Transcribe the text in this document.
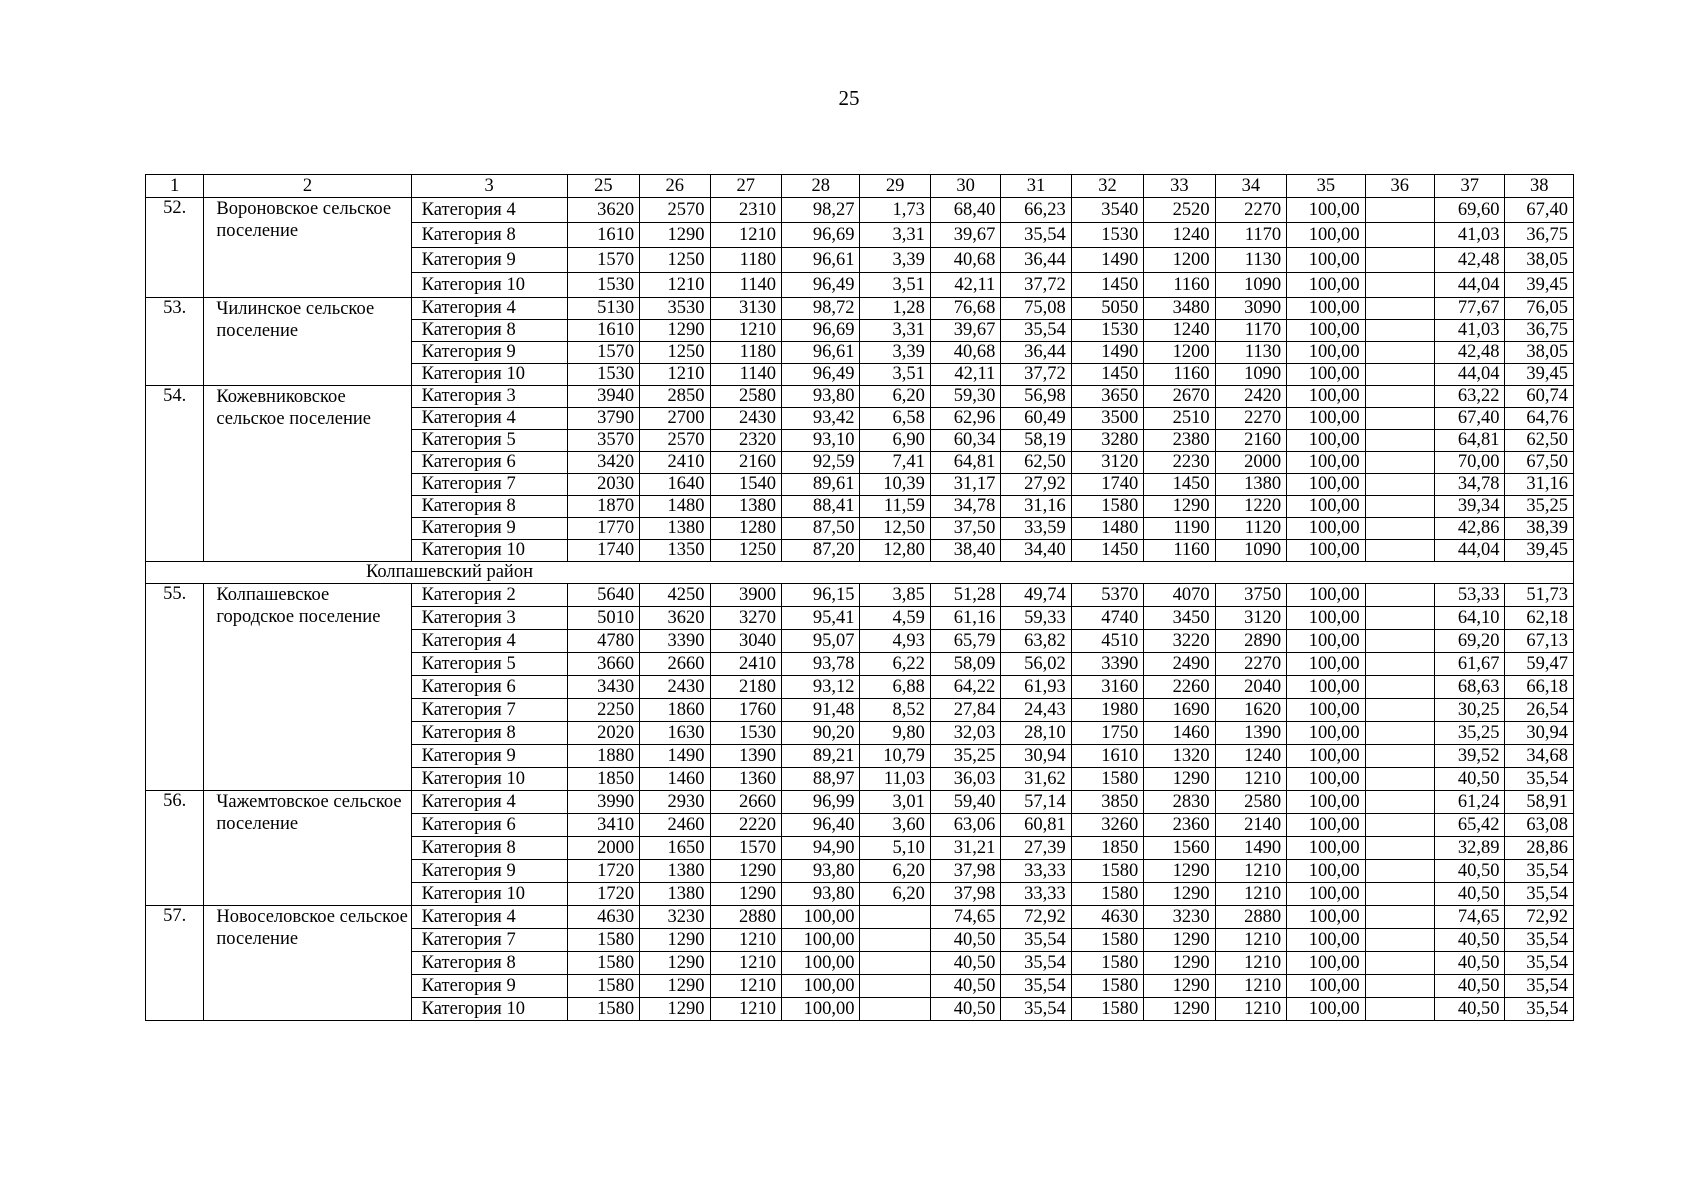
25
1	2	3	25	26	27	28	29	30	31	32	33	34	35	36	37	38
52.	Вороновское сельское поселение	Категория 4	3620	2570	2310	98,27	1,73	68,40	66,23	3540	2520	2270	100,00		69,60	67,40
		Категория 8	1610	1290	1210	96,69	3,31	39,67	35,54	1530	1240	1170	100,00		41,03	36,75
		Категория 9	1570	1250	1180	96,61	3,39	40,68	36,44	1490	1200	1130	100,00		42,48	38,05
		Категория 10	1530	1210	1140	96,49	3,51	42,11	37,72	1450	1160	1090	100,00		44,04	39,45
53.	Чилинское сельское поселение	Категория 4	5130	3530	3130	98,72	1,28	76,68	75,08	5050	3480	3090	100,00		77,67	76,05
		Категория 8	1610	1290	1210	96,69	3,31	39,67	35,54	1530	1240	1170	100,00		41,03	36,75
		Категория 9	1570	1250	1180	96,61	3,39	40,68	36,44	1490	1200	1130	100,00		42,48	38,05
		Категория 10	1530	1210	1140	96,49	3,51	42,11	37,72	1450	1160	1090	100,00		44,04	39,45
54.	Кожевниковское сельское поселение	Категория 3	3940	2850	2580	93,80	6,20	59,30	56,98	3650	2670	2420	100,00		63,22	60,74
		Категория 4	3790	2700	2430	93,42	6,58	62,96	60,49	3500	2510	2270	100,00		67,40	64,76
		Категория 5	3570	2570	2320	93,10	6,90	60,34	58,19	3280	2380	2160	100,00		64,81	62,50
		Категория 6	3420	2410	2160	92,59	7,41	64,81	62,50	3120	2230	2000	100,00		70,00	67,50
		Категория 7	2030	1640	1540	89,61	10,39	31,17	27,92	1740	1450	1380	100,00		34,78	31,16
		Категория 8	1870	1480	1380	88,41	11,59	34,78	31,16	1580	1290	1220	100,00		39,34	35,25
		Категория 9	1770	1380	1280	87,50	12,50	37,50	33,59	1480	1190	1120	100,00		42,86	38,39
		Категория 10	1740	1350	1250	87,20	12,80	38,40	34,40	1450	1160	1090	100,00		44,04	39,45
Колпашевский район																
55.	Колпашевское городское поселение	Категория 2	5640	4250	3900	96,15	3,85	51,28	49,74	5370	4070	3750	100,00		53,33	51,73
		Категория 3	5010	3620	3270	95,41	4,59	61,16	59,33	4740	3450	3120	100,00		64,10	62,18
		Категория 4	4780	3390	3040	95,07	4,93	65,79	63,82	4510	3220	2890	100,00		69,20	67,13
		Категория 5	3660	2660	2410	93,78	6,22	58,09	56,02	3390	2490	2270	100,00		61,67	59,47
		Категория 6	3430	2430	2180	93,12	6,88	64,22	61,93	3160	2260	2040	100,00		68,63	66,18
		Категория 7	2250	1860	1760	91,48	8,52	27,84	24,43	1980	1690	1620	100,00		30,25	26,54
		Категория 8	2020	1630	1530	90,20	9,80	32,03	28,10	1750	1460	1390	100,00		35,25	30,94
		Категория 9	1880	1490	1390	89,21	10,79	35,25	30,94	1610	1320	1240	100,00		39,52	34,68
		Категория 10	1850	1460	1360	88,97	11,03	36,03	31,62	1580	1290	1210	100,00		40,50	35,54
56.	Чажемтовское сельское поселение	Категория 4	3990	2930	2660	96,99	3,01	59,40	57,14	3850	2830	2580	100,00		61,24	58,91
		Категория 6	3410	2460	2220	96,40	3,60	63,06	60,81	3260	2360	2140	100,00		65,42	63,08
		Категория 8	2000	1650	1570	94,90	5,10	31,21	27,39	1850	1560	1490	100,00		32,89	28,86
		Категория 9	1720	1380	1290	93,80	6,20	37,98	33,33	1580	1290	1210	100,00		40,50	35,54
		Категория 10	1720	1380	1290	93,80	6,20	37,98	33,33	1580	1290	1210	100,00		40,50	35,54
57.	Новоселовское сельское поселение	Категория 4	4630	3230	2880	100,00		74,65	72,92	4630	3230	2880	100,00		74,65	72,92
		Категория 7	1580	1290	1210	100,00		40,50	35,54	1580	1290	1210	100,00		40,50	35,54
		Категория 8	1580	1290	1210	100,00		40,50	35,54	1580	1290	1210	100,00		40,50	35,54
		Категория 9	1580	1290	1210	100,00		40,50	35,54	1580	1290	1210	100,00		40,50	35,54
		Категория 10	1580	1290	1210	100,00		40,50	35,54	1580	1290	1210	100,00		40,50	35,54
